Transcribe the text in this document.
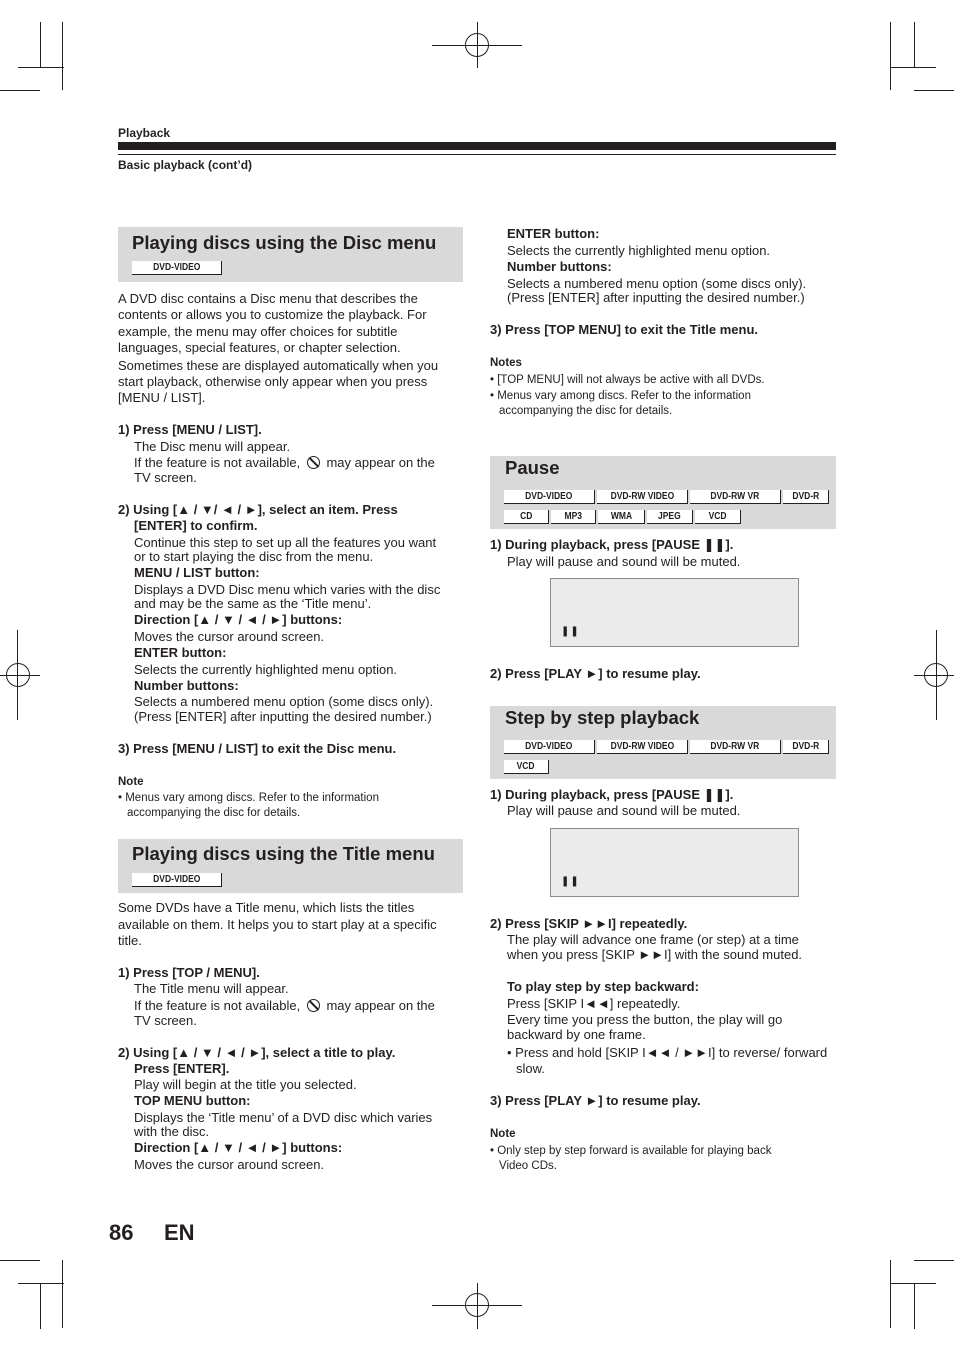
Playback
Basic playback (cont’d)
Playing discs using the Disc menu
DVD-VIDEO
A DVD disc contains a Disc menu that describes the
contents or allows you to customize the playback. For
example, the menu may offer choices for subtitle
languages, special features, or chapter selection.
Sometimes these are displayed automatically when you
start playback, otherwise only appear when you press
[MENU / LIST].
1) Press [MENU / LIST].
The Disc menu will appear.
If the feature is not available, may appear on the
TV screen.
2) Using [▲ / ▼/ ◄ / ►], select an item. Press
[ENTER] to confirm.
Continue this step to set up all the features you want
or to start playing the disc from the menu.
MENU / LIST button:
Displays a DVD Disc menu which varies with the disc
and may be the same as the ‘Title menu’.
Direction [▲ / ▼ / ◄ / ►] buttons:
Moves the cursor around screen.
ENTER button:
Selects the currently highlighted menu option.
Number buttons:
Selects a numbered menu option (some discs only).
(Press [ENTER] after inputting the desired number.)
3) Press [MENU / LIST] to exit the Disc menu.
Note
• Menus vary among discs. Refer to the information
accompanying the disc for details.
Playing discs using the Title menu
DVD-VIDEO
Some DVDs have a Title menu, which lists the titles
available on them. It helps you to start play at a specific
title.
1) Press [TOP / MENU].
The Title menu will appear.
If the feature is not available, may appear on the
TV screen.
2) Using [▲ / ▼ / ◄ / ►], select a title to play.
Press [ENTER].
Play will begin at the title you selected.
TOP MENU button:
Displays the ‘Title menu’ of a DVD disc which varies
with the disc.
Direction [▲ / ▼ / ◄ / ►] buttons:
Moves the cursor around screen.
ENTER button:
Selects the currently highlighted menu option.
Number buttons:
Selects a numbered menu option (some discs only).
(Press [ENTER] after inputting the desired number.)
3) Press [TOP MENU] to exit the Title menu.
Notes
• [TOP MENU] will not always be active with all DVDs.
• Menus vary among discs. Refer to the information
accompanying the disc for details.
Pause
DVD-VIDEO	DVD-RW VIDEO	DVD-RW VR	DVD-R
CD	MP3	WMA	JPEG	VCD
1) During playback, press [PAUSE ❚❚].
Play will pause and sound will be muted.
❚❚
2) Press [PLAY ►] to resume play.
Step by step playback
DVD-VIDEO	DVD-RW VIDEO	DVD-RW VR	DVD-R
VCD
1) During playback, press [PAUSE ❚❚].
Play will pause and sound will be muted.
❚❚
2) Press [SKIP ►►I] repeatedly.
The play will advance one frame (or step) at a time
when you press [SKIP ►►I] with the sound muted.
To play step by step backward:
Press [SKIP I◄◄] repeatedly.
Every time you press the button, the play will go
backward by one frame.
• Press and hold [SKIP I◄◄ / ►►I] to reverse/ forward
slow.
3) Press [PLAY ►] to resume play.
Note
• Only step by step forward is available for playing back
Video CDs.
86 EN
